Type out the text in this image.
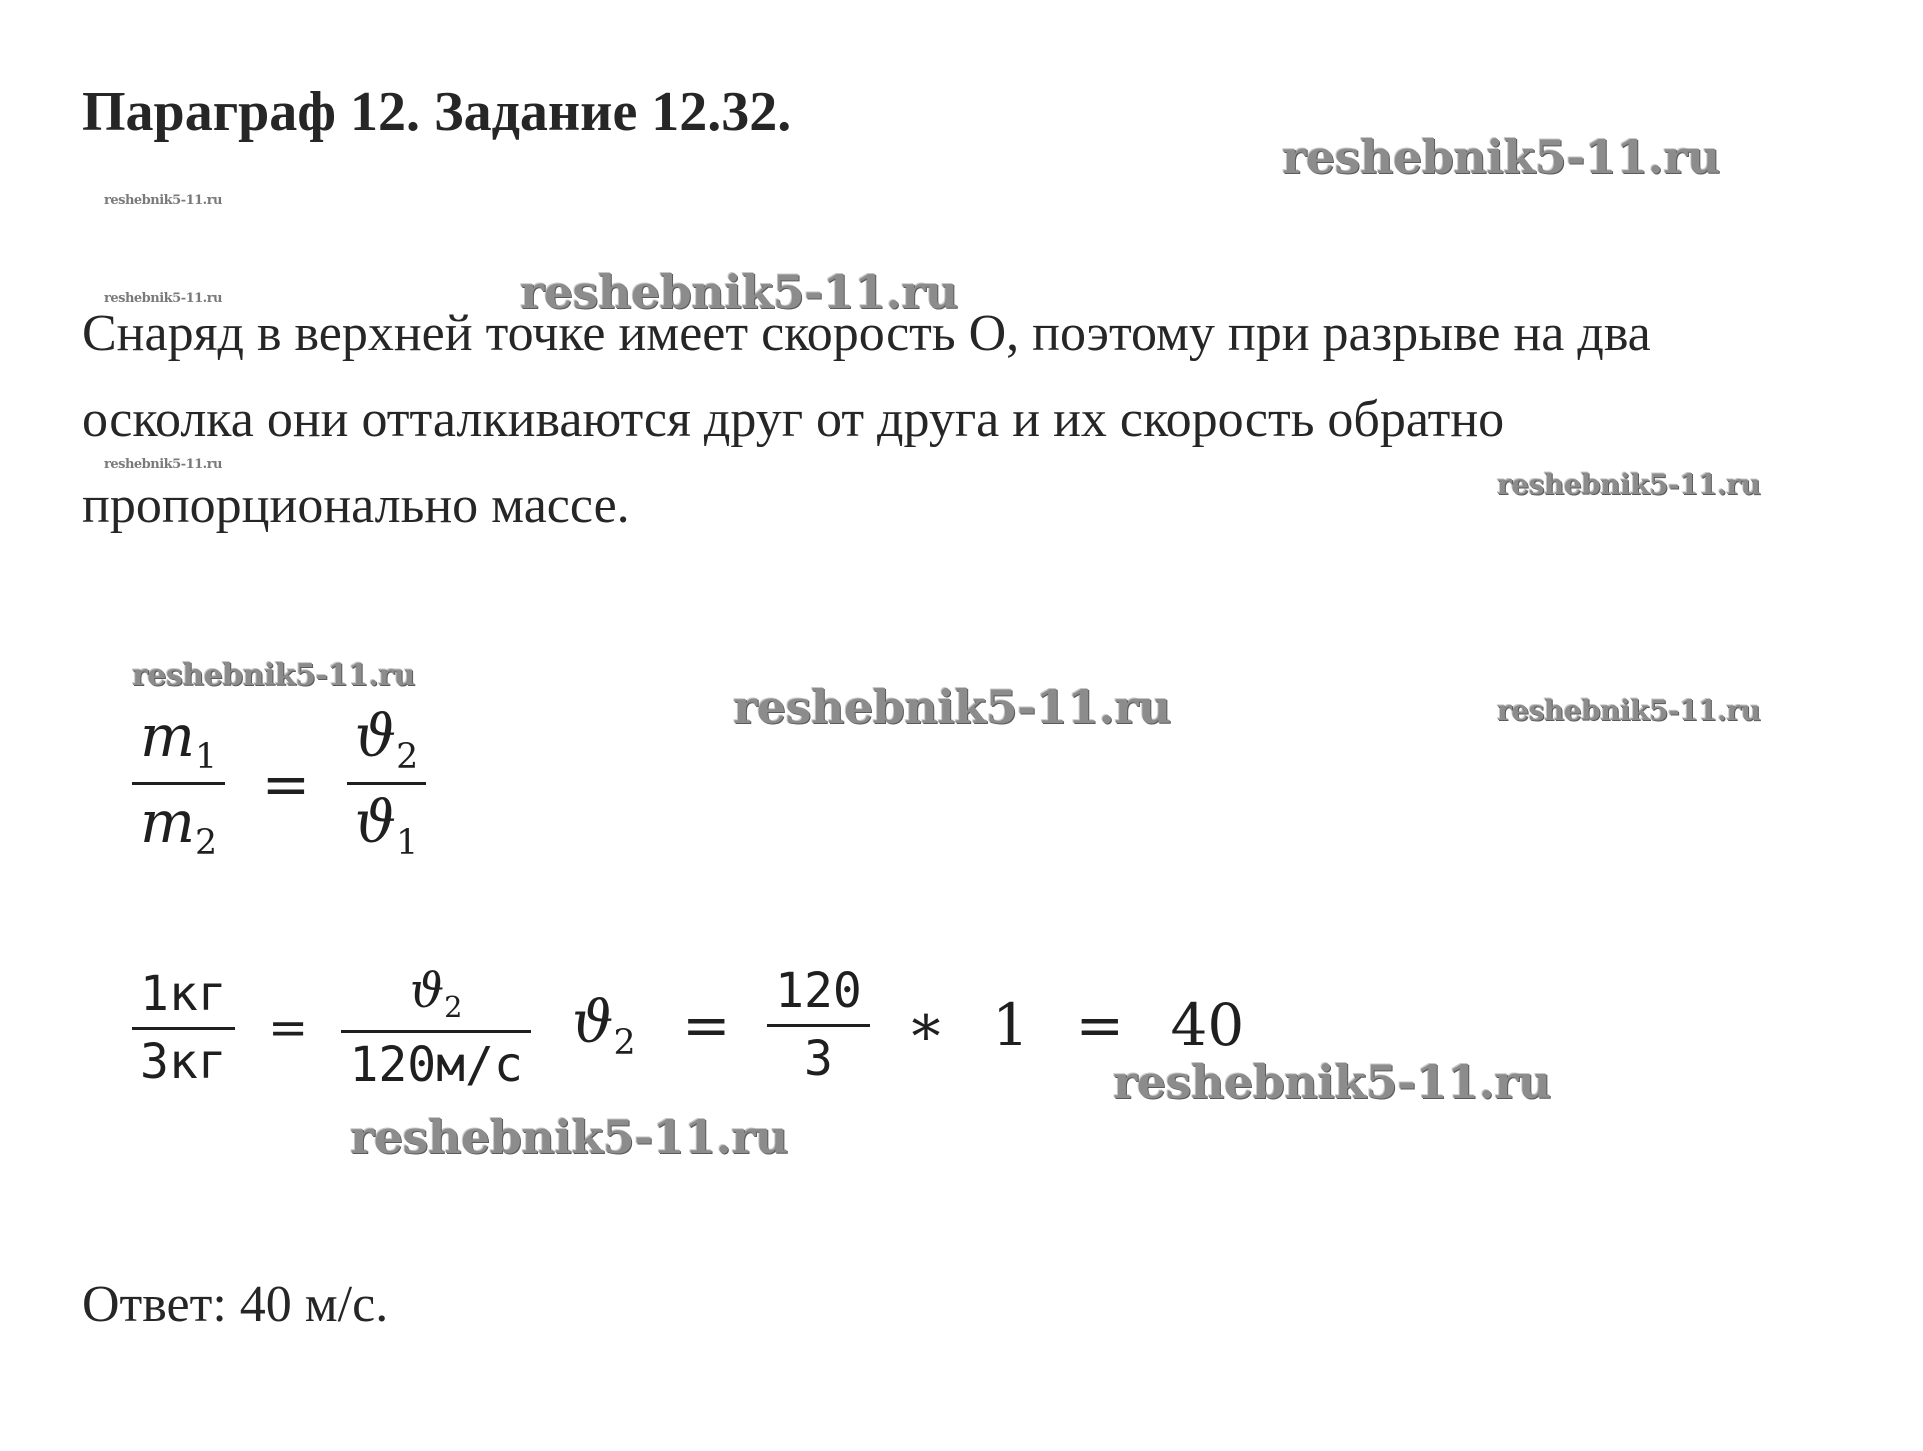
Параграф 12. Задание 12.32.
reshebnik5-11.ru
reshebnik5-11.ru
reshebnik5-11.ru	reshebnik5-11.ru
reshebnik5-11.ru
reshebnik5-11.ru
reshebnik5-11.ru
reshebnik5-11.ru	reshebnik5-11.ru
reshebnik5-11.ru
reshebnik5-11.ru
Снаряд в верхней точке имеет скорость О, поэтому при разрыве на два
осколка они отталкиваются друг от друга и их скорость обратно
пропорционально массе.
$\frac{m_1}{m_2} = \frac{ϑ_2}{ϑ_1}$
$\frac{1кг}{3кг} = \frac{ϑ_2}{120м/с} ϑ_2 = \frac{120}{3}$ ∗ 1 = 40
Ответ: 40 м/с.
